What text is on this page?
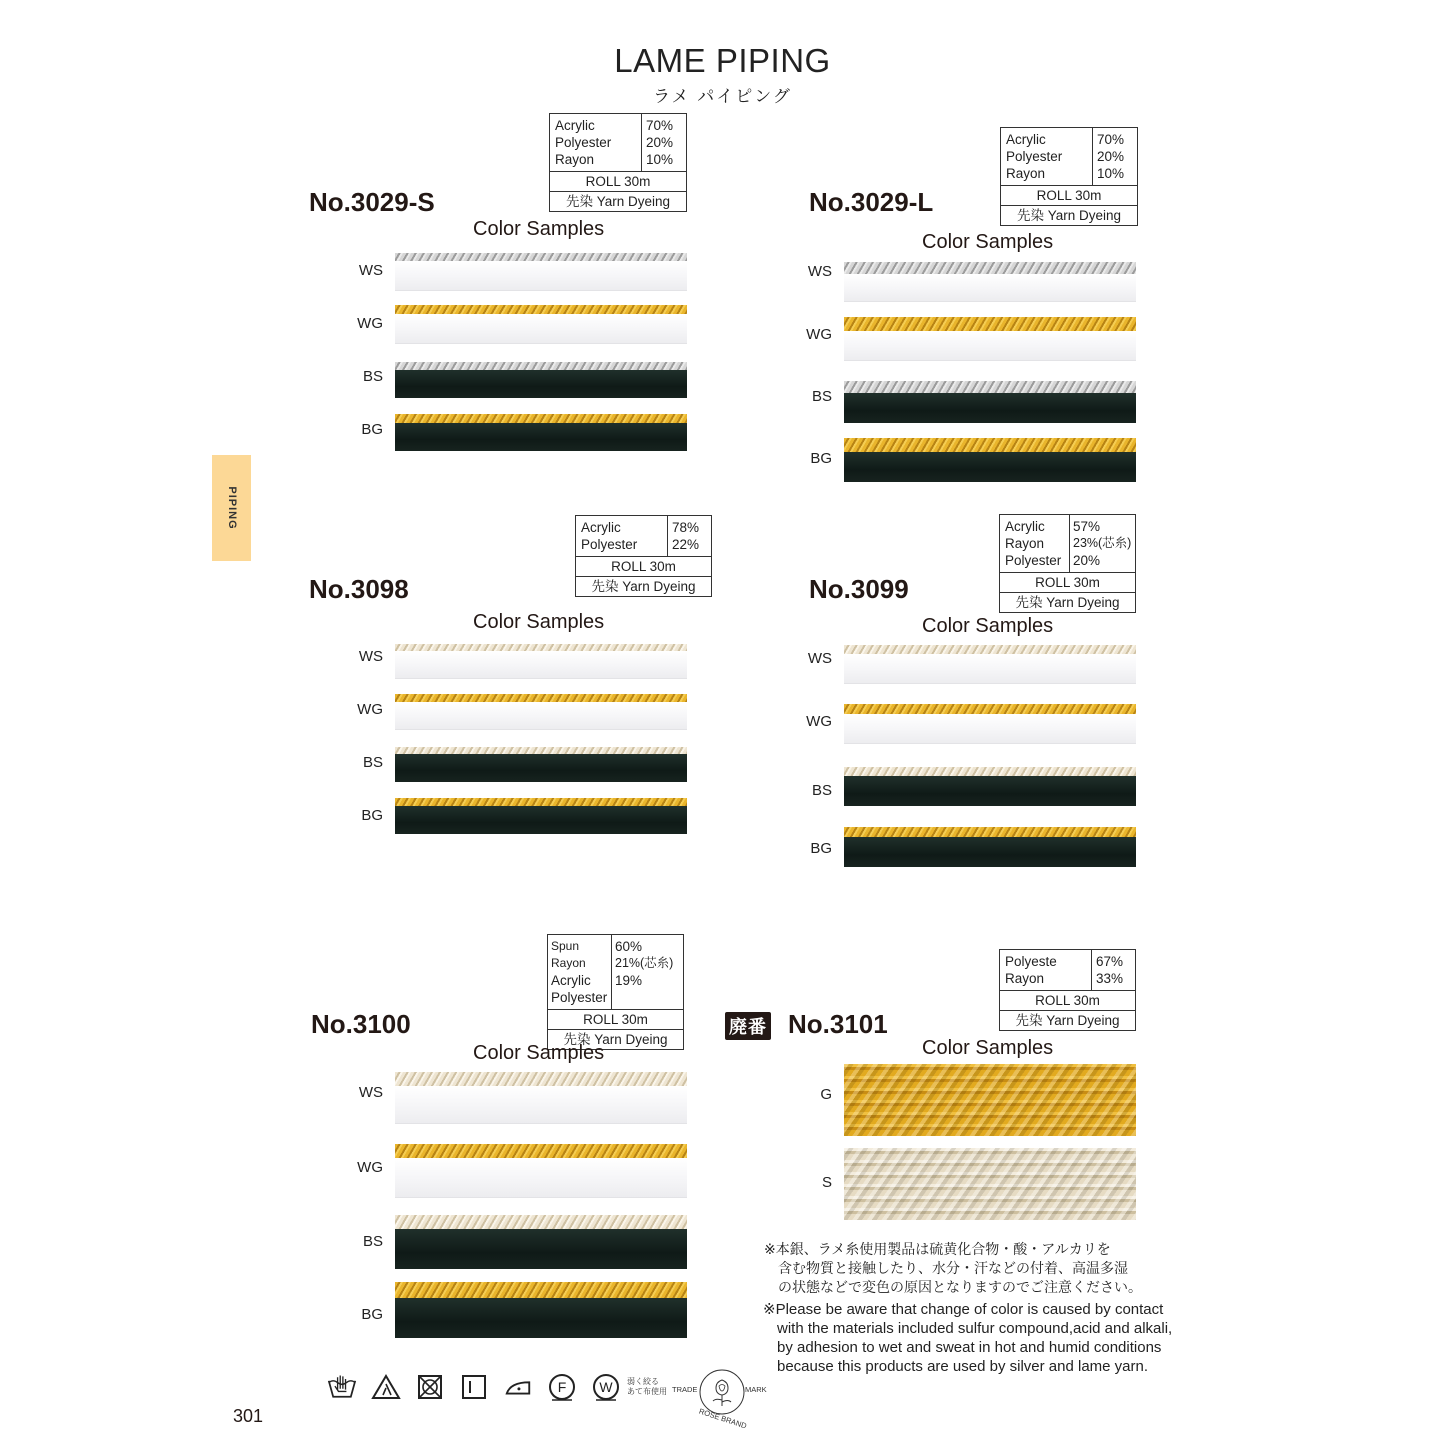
LAME PIPING
ラメ パイピング
PIPING
Acrylic
Polyester
Rayon
70%
20%
10%
ROLL 30m
先染 Yarn Dyeing
No.3029-S
Color Samples
WS
WG
BS
BG
Acrylic
Polyester
Rayon
70%
20%
10%
ROLL 30m
先染 Yarn Dyeing
No.3029-L
Color Samples
WS
WG
BS
BG
Acrylic
Polyester
78%
22%
ROLL 30m
先染 Yarn Dyeing
No.3098
Color Samples
WS
WG
BS
BG
Acrylic
Rayon
Polyester
57%
23%(芯糸)
20%
ROLL 30m
先染 Yarn Dyeing
No.3099
Color Samples
WS
WG
BS
BG
Spun Rayon
Acrylic
Polyester
60%
21%(芯糸)
19%
ROLL 30m
先染 Yarn Dyeing
No.3100
Color Samples
WS
WG
BS
BG
Polyeste
Rayon
67%
33%
ROLL 30m
先染 Yarn Dyeing
廃番 No.3101
Color Samples
G
S
※本銀、ラメ糸使用製品は硫黄化合物・酸・アルカリを
含む物質と接触したり、水分・汗などの付着、高温多湿
の状態などで変色の原因となりますのでご注意ください。
※Please be aware that change of color is caused by contact
with the materials included sulfur compound,acid and alkali,
by adhesion to wet and sweat in hot and humid conditions
because this products are used by silver and lame yarn.
F W 弱く絞る
あて布使用 TRADE	MARK
ROSE BRAND
301
